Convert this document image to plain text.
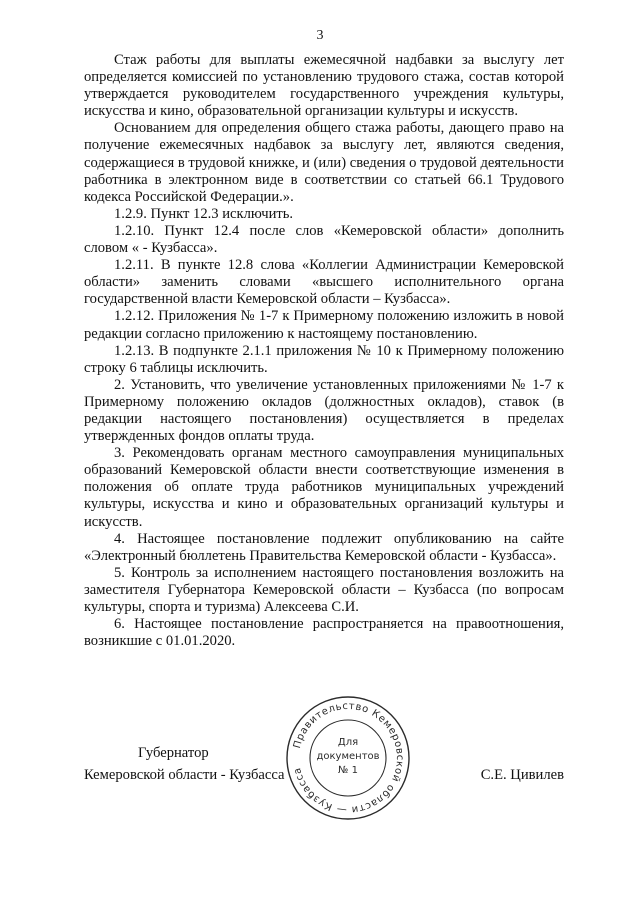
3

Стаж работы для выплаты ежемесячной надбавки за выслугу лет определяется комиссией по установлению трудового стажа, состав которой утверждается руководителем государственного учреждения культуры, искусства и кино, образовательной организации культуры и искусств.

Основанием для определения общего стажа работы, дающего право на получение ежемесячных надбавок за выслугу лет, являются сведения, содержащиеся в трудовой книжке, и (или) сведения о трудовой деятельности работника в электронном виде в соответствии со статьей 66.1 Трудового кодекса Российской Федерации.».

1.2.9. Пункт 12.3 исключить.

1.2.10. Пункт 12.4 после слов «Кемеровской области» дополнить словом « - Кузбасса».

1.2.11. В пункте 12.8 слова «Коллегии Администрации Кемеровской области» заменить словами «высшего исполнительного органа государственной власти Кемеровской области – Кузбасса».

1.2.12. Приложения № 1-7 к Примерному положению изложить в новой редакции согласно приложению к настоящему постановлению.

1.2.13. В подпункте 2.1.1 приложения № 10 к Примерному положению строку 6 таблицы исключить.

2. Установить, что увеличение установленных приложениями № 1-7 к Примерному положению окладов (должностных окладов), ставок (в редакции настоящего постановления) осуществляется в пределах утвержденных фондов оплаты труда.

3. Рекомендовать органам местного самоуправления муниципальных образований Кемеровской области внести соответствующие изменения в положения об оплате труда работников муниципальных учреждений культуры, искусства и кино и образовательных организаций культуры и искусств.

4. Настоящее постановление подлежит опубликованию на сайте «Электронный бюллетень Правительства Кемеровской области - Кузбасса».

5. Контроль за исполнением настоящего постановления возложить на заместителя Губернатора Кемеровской области – Кузбасса (по вопросам культуры, спорта и туризма) Алексеева С.И.

6. Настоящее постановление распространяется на правоотношения, возникшие с 01.01.2020.

Правительство Кемеровской области — Кузбасса
Для
документов
№ 1
Губернатор
Кемеровской области - Кузбасса	С.Е. Цивилев
